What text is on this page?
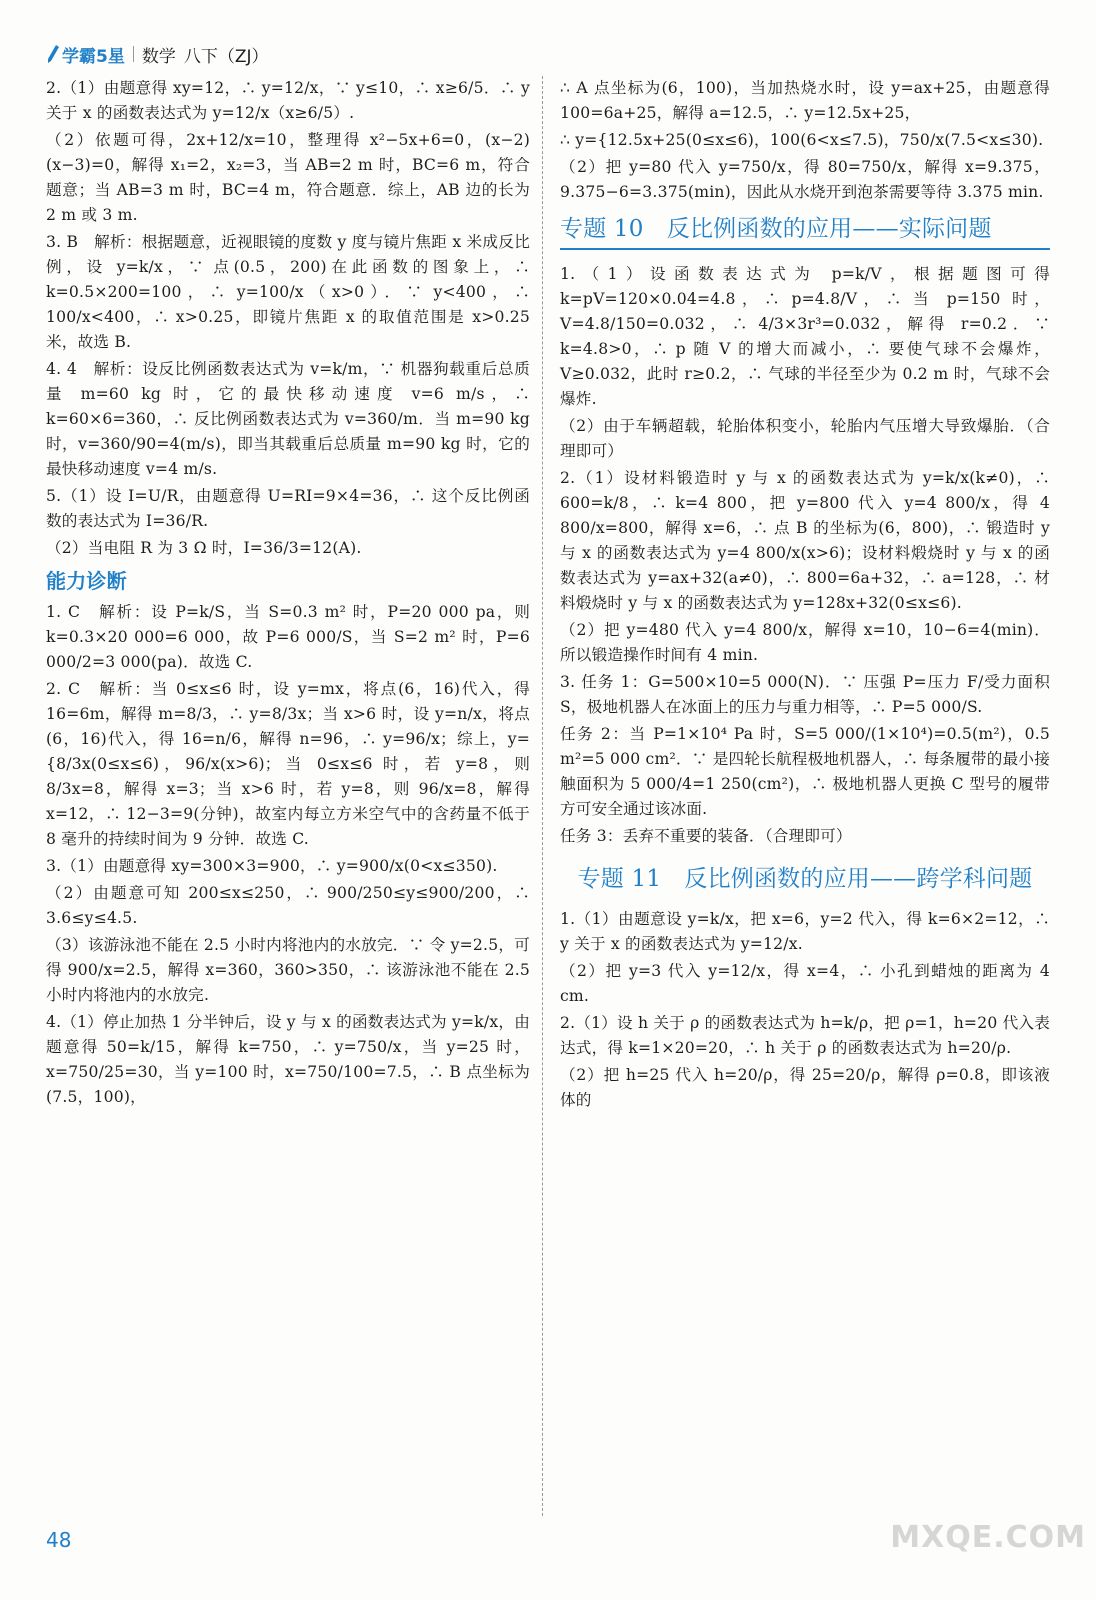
学霸5星 数学 八下（ZJ）

2.（1）由题意得 xy=12，∴ y=12/x，∵ y≤10，∴ x≥6/5．∴ y 关于 x 的函数表达式为 y=12/x（x≥6/5）.

（2）依题可得，2x+12/x=10，整理得 x²−5x+6=0，(x−2)(x−3)=0，解得 x₁=2，x₂=3，当 AB=2 m 时，BC=6 m，符合题意；当 AB=3 m 时，BC=4 m，符合题意．综上，AB 边的长为 2 m 或 3 m.

3. B　解析：根据题意，近视眼镜的度数 y 度与镜片焦距 x 米成反比例，设 y=k/x，∵ 点(0.5，200)在此函数的图象上，∴ k=0.5×200=100，∴ y=100/x（x>0）．∵ y<400，∴ 100/x<400，∴ x>0.25，即镜片焦距 x 的取值范围是 x>0.25 米，故选 B.

4. 4　解析：设反比例函数表达式为 v=k/m，∵ 机器狗载重后总质量 m=60 kg 时，它的最快移动速度 v=6 m/s，∴ k=60×6=360，∴ 反比例函数表达式为 v=360/m．当 m=90 kg 时，v=360/90=4(m/s)，即当其载重后总质量 m=90 kg 时，它的最快移动速度 v=4 m/s.

5.（1）设 I=U/R，由题意得 U=RI=9×4=36，∴ 这个反比例函数的表达式为 I=36/R.

（2）当电阻 R 为 3 Ω 时，I=36/3=12(A).

能力诊断

1. C　解析：设 P=k/S，当 S=0.3 m² 时，P=20 000 pa，则 k=0.3×20 000=6 000，故 P=6 000/S，当 S=2 m² 时，P=6 000/2=3 000(pa)．故选 C.

2. C　解析：当 0≤x≤6 时，设 y=mx，将点(6，16)代入，得 16=6m，解得 m=8/3，∴ y=8/3x；当 x>6 时，设 y=n/x，将点(6，16)代入，得 16=n/6，解得 n=96，∴ y=96/x；综上，y={8/3x(0≤x≤6)，96/x(x>6)；当 0≤x≤6 时，若 y=8，则 8/3x=8，解得 x=3；当 x>6 时，若 y=8，则 96/x=8，解得 x=12，∴ 12−3=9(分钟)，故室内每立方米空气中的含药量不低于 8 毫升的持续时间为 9 分钟．故选 C.

3.（1）由题意得 xy=300×3=900，∴ y=900/x(0<x≤350).

（2）由题意可知 200≤x≤250，∴ 900/250≤y≤900/200，∴ 3.6≤y≤4.5.

（3）该游泳池不能在 2.5 小时内将池内的水放完．∵ 令 y=2.5，可得 900/x=2.5，解得 x=360，360>350，∴ 该游泳池不能在 2.5 小时内将池内的水放完.

4.（1）停止加热 1 分半钟后，设 y 与 x 的函数表达式为 y=k/x，由题意得 50=k/15，解得 k=750，∴ y=750/x，当 y=25 时，x=750/25=30，当 y=100 时，x=750/100=7.5，∴ B 点坐标为(7.5，100)，

∴ A 点坐标为(6，100)，当加热烧水时，设 y=ax+25，由题意得 100=6a+25，解得 a=12.5，∴ y=12.5x+25，

∴ y={12.5x+25(0≤x≤6)，100(6<x≤7.5)，750/x(7.5<x≤30).

（2）把 y=80 代入 y=750/x，得 80=750/x，解得 x=9.375，9.375−6=3.375(min)，因此从水烧开到泡茶需要等待 3.375 min.

专题 10　反比例函数的应用——实际问题

1.（1）设函数表达式为 p=k/V，根据题图可得 k=pV=120×0.04=4.8，∴ p=4.8/V，∴ 当 p=150 时，V=4.8/150=0.032，∴ 4/3×3r³=0.032，解得 r=0.2．∵ k=4.8>0，∴ p 随 V 的增大而减小，∴ 要使气球不会爆炸，V≥0.032，此时 r≥0.2，∴ 气球的半径至少为 0.2 m 时，气球不会爆炸.

（2）由于车辆超载，轮胎体积变小，轮胎内气压增大导致爆胎．（合理即可）

2.（1）设材料锻造时 y 与 x 的函数表达式为 y=k/x(k≠0)，∴ 600=k/8，∴ k=4 800，把 y=800 代入 y=4 800/x，得 4 800/x=800，解得 x=6，∴ 点 B 的坐标为(6，800)，∴ 锻造时 y 与 x 的函数表达式为 y=4 800/x(x>6)；设材料煅烧时 y 与 x 的函数表达式为 y=ax+32(a≠0)，∴ 800=6a+32，∴ a=128，∴ 材料煅烧时 y 与 x 的函数表达式为 y=128x+32(0≤x≤6).

（2）把 y=480 代入 y=4 800/x，解得 x=10，10−6=4(min)．所以锻造操作时间有 4 min.

3. 任务 1：G=500×10=5 000(N)．∵ 压强 P=压力 F/受力面积 S，极地机器人在冰面上的压力与重力相等，∴ P=5 000/S.

任务 2：当 P=1×10⁴ Pa 时，S=5 000/(1×10⁴)=0.5(m²)，0.5 m²=5 000 cm²．∵ 是四轮长航程极地机器人，∴ 每条履带的最小接触面积为 5 000/4=1 250(cm²)，∴ 极地机器人更换 C 型号的履带方可安全通过该冰面.

任务 3：丢弃不重要的装备．（合理即可）

专题 11　反比例函数的应用——跨学科问题

1.（1）由题意设 y=k/x，把 x=6，y=2 代入，得 k=6×2=12，∴ y 关于 x 的函数表达式为 y=12/x.

（2）把 y=3 代入 y=12/x，得 x=4，∴ 小孔到蜡烛的距离为 4 cm.

2.（1）设 h 关于 ρ 的函数表达式为 h=k/ρ，把 ρ=1，h=20 代入表达式，得 k=1×20=20，∴ h 关于 ρ 的函数表达式为 h=20/ρ.

（2）把 h=25 代入 h=20/ρ，得 25=20/ρ，解得 ρ=0.8，即该液体的

48	MXQE.COM
